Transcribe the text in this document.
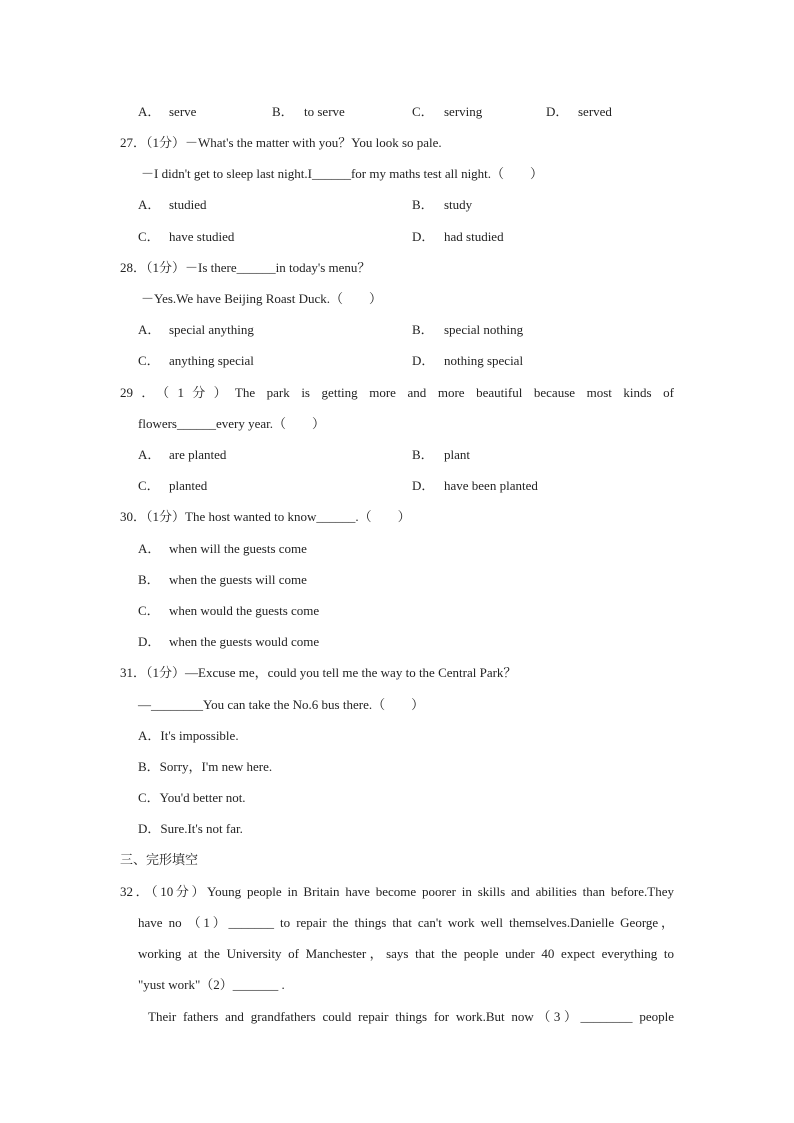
A． serve	B． to serve	C． serving	D． served
27．（1分）－What's the matter with you？You look so pale.
－I didn't get to sleep last night.I______for my maths test all night.（　　）
A． studied	B． study
C． have studied	D． had studied
28．（1分）－Is there______in today's menu？
－Yes.We have Beijing Roast Duck.（　　）
A． special anything	B． special nothing
C． anything special	D． nothing special
29．（1分）The park is getting more and more beautiful because most kinds of
flowers______every year.（　　）
A． are planted	B． plant
C． planted	D． have been planted
30．（1分）The host wanted to know______.（　　）
A． when will the guests come
B． when the guests will come
C． when would the guests come
D． when the guests would come
31．（1分）—Excuse me，could you tell me the way to the Central Park？
—________You can take the No.6 bus there.（　　）
A．It's impossible.
B．Sorry，I'm new here.
C．You'd better not.
D．Sure.It's not far.
三、完形填空
32．（10分）Young people in Britain have become poorer in skills and abilities than before.They
have no （1）_______ to repair the things that can't work well themselves.Danielle George，
working at the University of Manchester，says that the people under 40 expect everything to
"yust work"（2）_______ .
Their fathers and grandfathers could repair things for work.But now（3）________ people
